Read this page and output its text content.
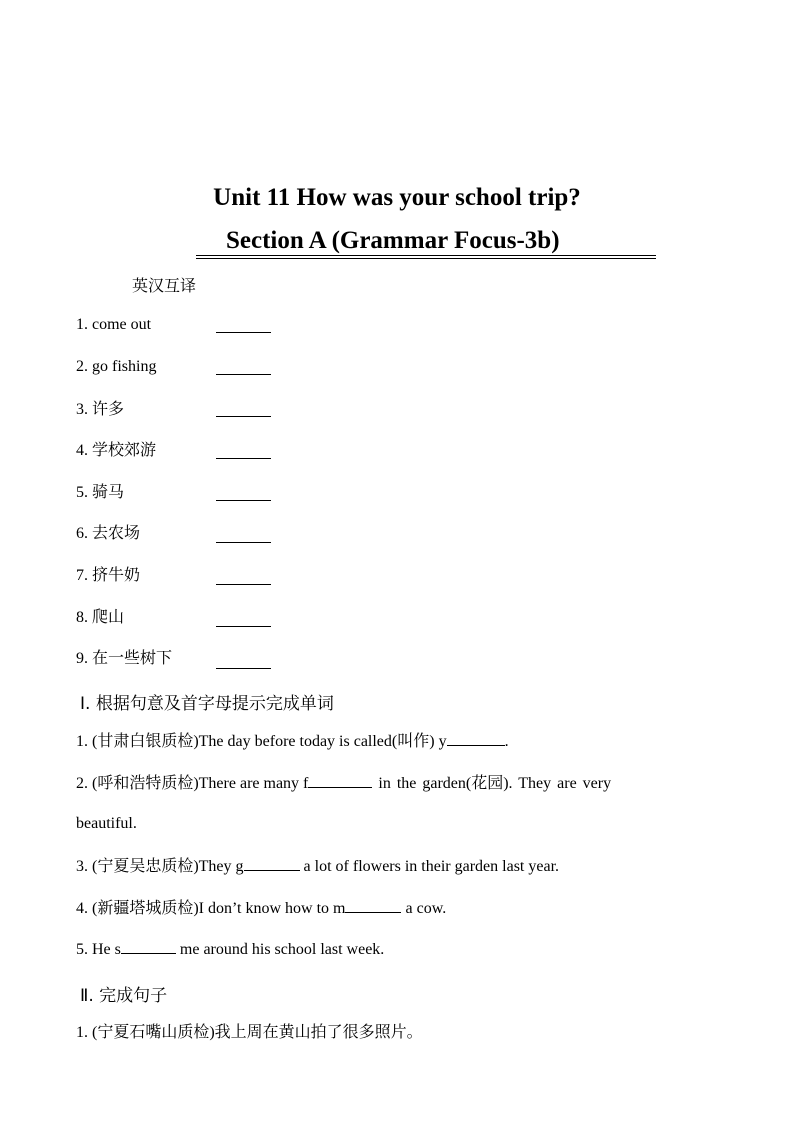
Unit 11 How was your school trip?
Section A (Grammar Focus-3b)
英汉互译
1. come out
2. go fishing
3. 许多
4. 学校郊游
5. 骑马
6. 去农场
7. 挤牛奶
8. 爬山
9. 在一些树下
Ⅰ. 根据句意及首字母提示完成单词
1. (甘肃白银质检)The day before today is called(叫作) y	.
2. (呼和浩特质检)There are many f	in the garden(花园). They are very
beautiful.
3. (宁夏吴忠质检)They g	a lot of flowers in their garden last year.
4. (新疆塔城质检)I don’t know how to m	a cow.
5. He s	me around his school last week.
Ⅱ. 完成句子
1. (宁夏石嘴山质检)我上周在黄山拍了很多照片。
